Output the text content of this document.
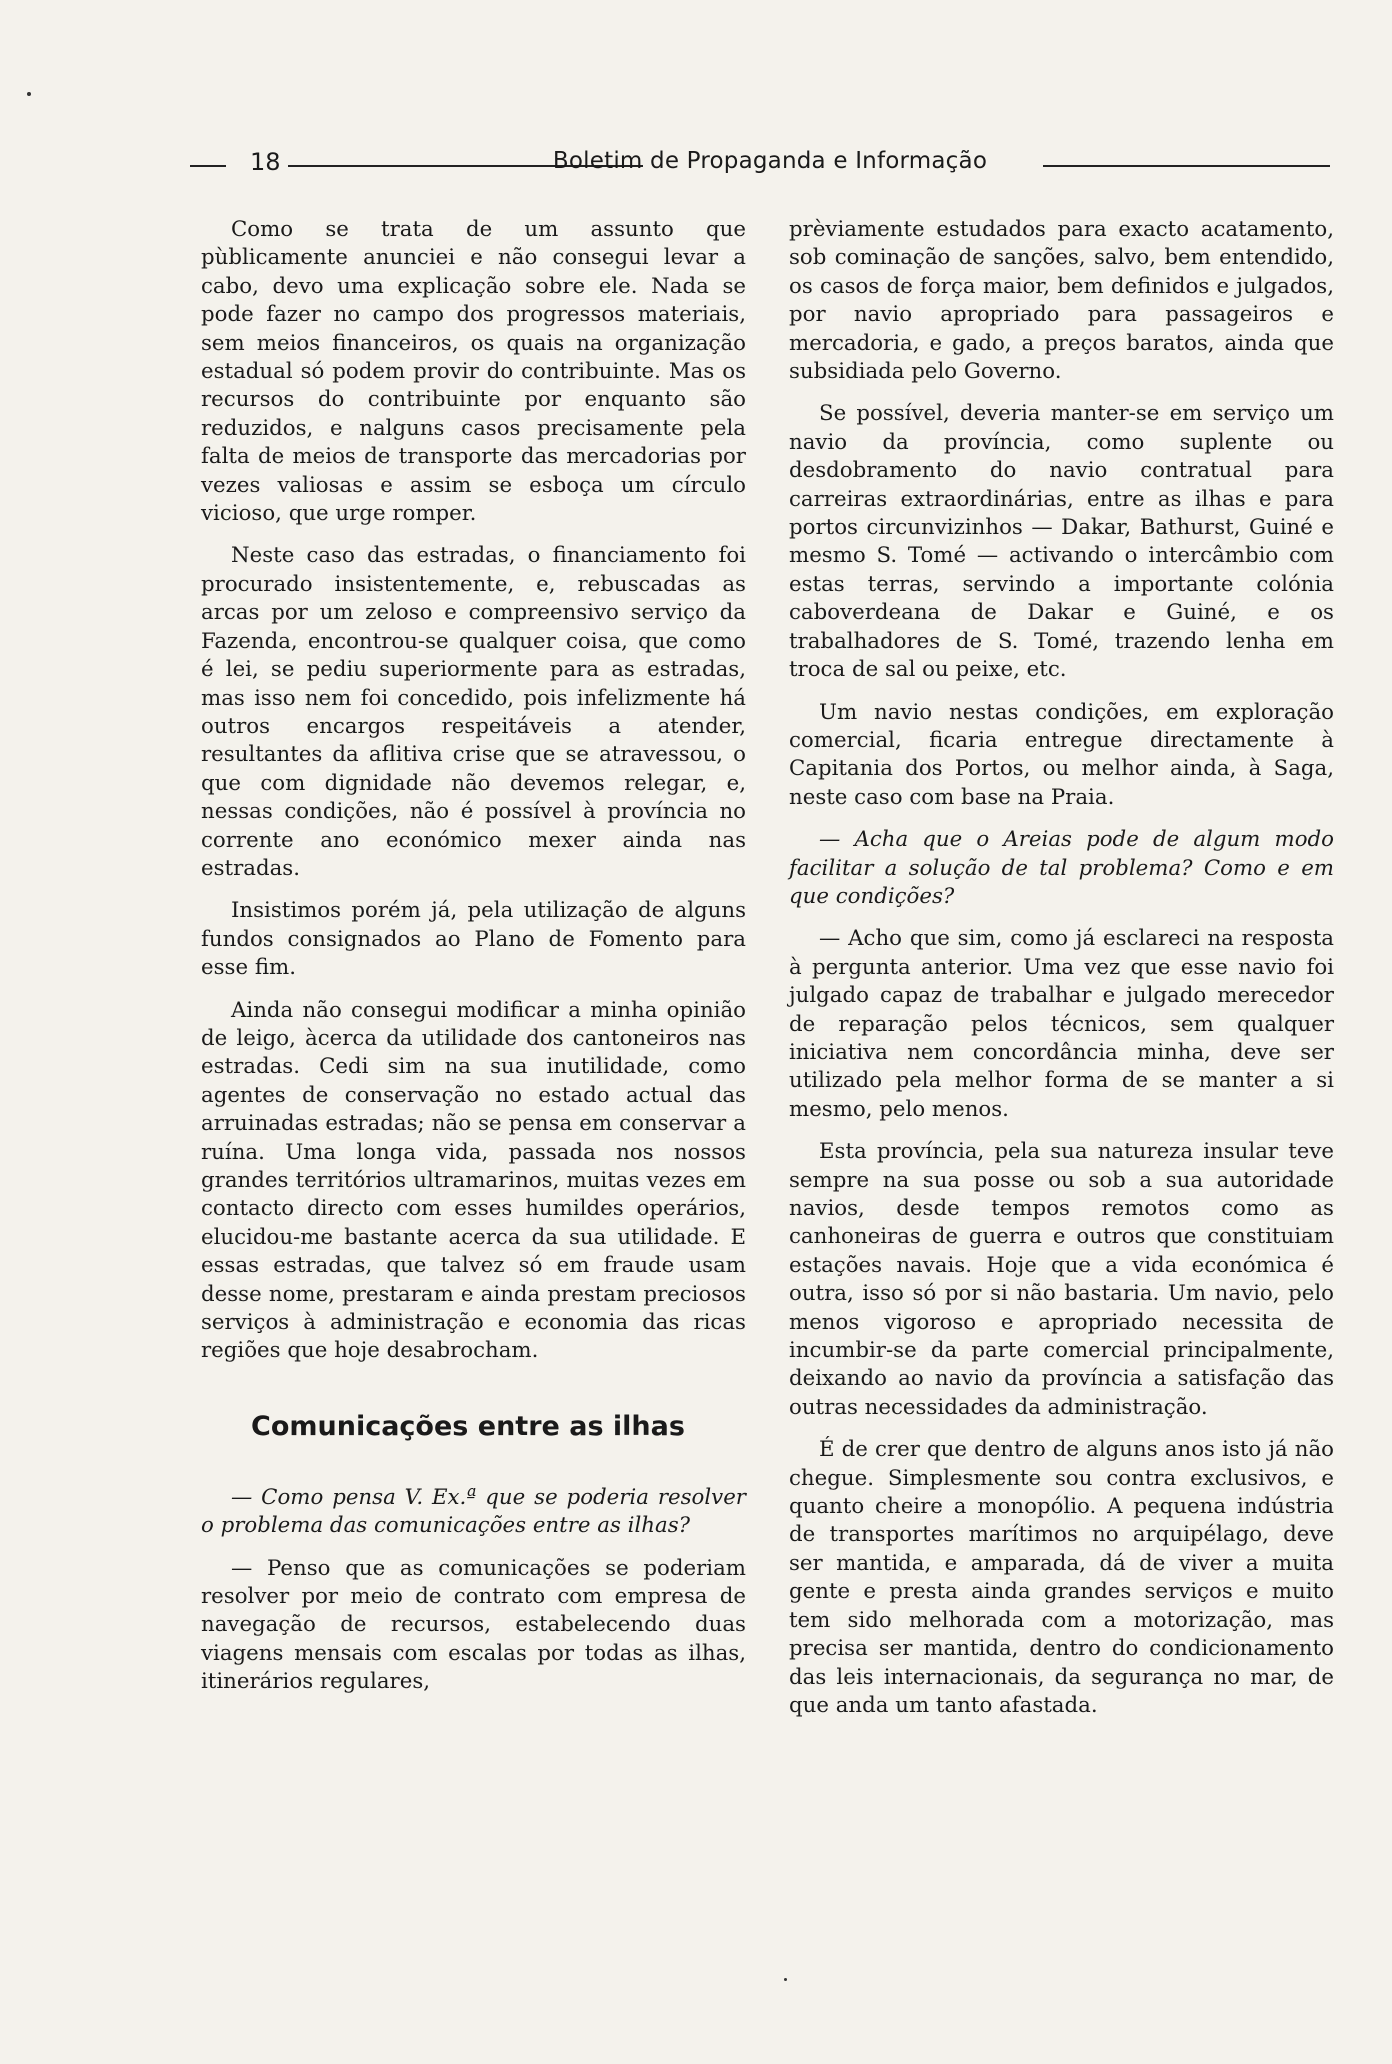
18	Boletim de Propaganda e Informação

Como se trata de um assunto que pùblicamente anunciei e não consegui levar a cabo, devo uma explicação sobre ele. Nada se pode fazer no campo dos progressos materiais, sem meios financeiros, os quais na organização estadual só podem provir do contribuinte. Mas os recursos do contribuinte por enquanto são reduzidos, e nalguns casos precisamente pela falta de meios de transporte das mercadorias por vezes valiosas e assim se esboça um círculo vicioso, que urge romper.

Neste caso das estradas, o financiamento foi procurado insistentemente, e, rebuscadas as arcas por um zeloso e compreensivo serviço da Fazenda, encontrou-se qualquer coisa, que como é lei, se pediu superiormente para as estradas, mas isso nem foi concedido, pois infelizmente há outros encargos respeitáveis a atender, resultantes da aflitiva crise que se atravessou, o que com dignidade não devemos relegar, e, nessas condições, não é possível à província no corrente ano económico mexer ainda nas estradas.

Insistimos porém já, pela utilização de alguns fundos consignados ao Plano de Fomento para esse fim.

Ainda não consegui modificar a minha opinião de leigo, àcerca da utilidade dos cantoneiros nas estradas. Cedi sim na sua inutilidade, como agentes de conservação no estado actual das arruinadas estradas; não se pensa em conservar a ruína. Uma longa vida, passada nos nossos grandes territórios ultramarinos, muitas vezes em contacto directo com esses humildes operários, elucidou-me bastante acerca da sua utilidade. E essas estradas, que talvez só em fraude usam desse nome, prestaram e ainda prestam preciosos serviços à administração e economia das ricas regiões que hoje desabrocham.

Comunicações entre as ilhas

— Como pensa V. Ex.ª que se poderia resolver o problema das comunicações entre as ilhas?

— Penso que as comunicações se poderiam resolver por meio de contrato com empresa de navegação de recursos, estabelecendo duas viagens mensais com escalas por todas as ilhas, itinerários regulares,

prèviamente estudados para exacto acatamento, sob cominação de sanções, salvo, bem entendido, os casos de força maior, bem definidos e julgados, por navio apropriado para passageiros e mercadoria, e gado, a preços baratos, ainda que subsidiada pelo Governo.

Se possível, deveria manter-se em serviço um navio da província, como suplente ou desdobramento do navio contratual para carreiras extraordinárias, entre as ilhas e para portos circunvizinhos — Dakar, Bathurst, Guiné e mesmo S. Tomé — activando o intercâmbio com estas terras, servindo a importante colónia caboverdeana de Dakar e Guiné, e os trabalhadores de S. Tomé, trazendo lenha em troca de sal ou peixe, etc.

Um navio nestas condições, em exploração comercial, ficaria entregue directamente à Capitania dos Portos, ou melhor ainda, à Saga, neste caso com base na Praia.

— Acha que o Areias pode de algum modo facilitar a solução de tal problema? Como e em que condições?

— Acho que sim, como já esclareci na resposta à pergunta anterior. Uma vez que esse navio foi julgado capaz de trabalhar e julgado merecedor de reparação pelos técnicos, sem qualquer iniciativa nem concordância minha, deve ser utilizado pela melhor forma de se manter a si mesmo, pelo menos.

Esta província, pela sua natureza insular teve sempre na sua posse ou sob a sua autoridade navios, desde tempos remotos como as canhoneiras de guerra e outros que constituiam estações navais. Hoje que a vida económica é outra, isso só por si não bastaria. Um navio, pelo menos vigoroso e apropriado necessita de incumbir-se da parte comercial principalmente, deixando ao navio da província a satisfação das outras necessidades da administração.

É de crer que dentro de alguns anos isto já não chegue. Simplesmente sou contra exclusivos, e quanto cheire a monopólio. A pequena indústria de transportes marítimos no arquipélago, deve ser mantida, e amparada, dá de viver a muita gente e presta ainda grandes serviços e muito tem sido melhorada com a motorização, mas precisa ser mantida, dentro do condicionamento das leis internacionais, da segurança no mar, de que anda um tanto afastada.
